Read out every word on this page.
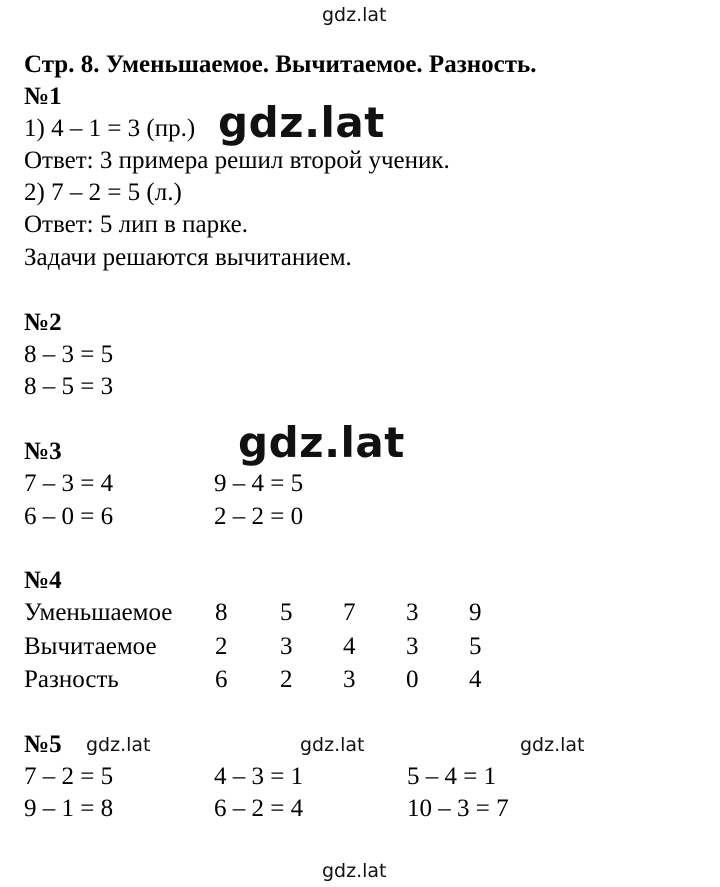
gdz.lat
gdz.lat
gdz.lat
gdz.lat	gdz.lat	gdz.lat
gdz.lat
Стр. 8. Уменьшаемое. Вычитаемое. Разность.
№1
1) 4 – 1 = 3 (пр.)
Ответ: 3 примера решил второй ученик.
2) 7 – 2 = 5 (л.)
Ответ: 5 лип в парке.
Задачи решаются вычитанием.
№2
8 – 3 = 5
8 – 5 = 3
№3
7 – 3 = 4	9 – 4 = 5
6 – 0 = 6	2 – 2 = 0
№4
Уменьшаемое 8 5 7 3 9
Вычитаемое 2 3 4 3 5
Разность	6 2 3 0 4
№5
7 – 2 = 5	4 – 3 = 1	5 – 4 = 1
9 – 1 = 8	6 – 2 = 4	10 – 3 = 7
